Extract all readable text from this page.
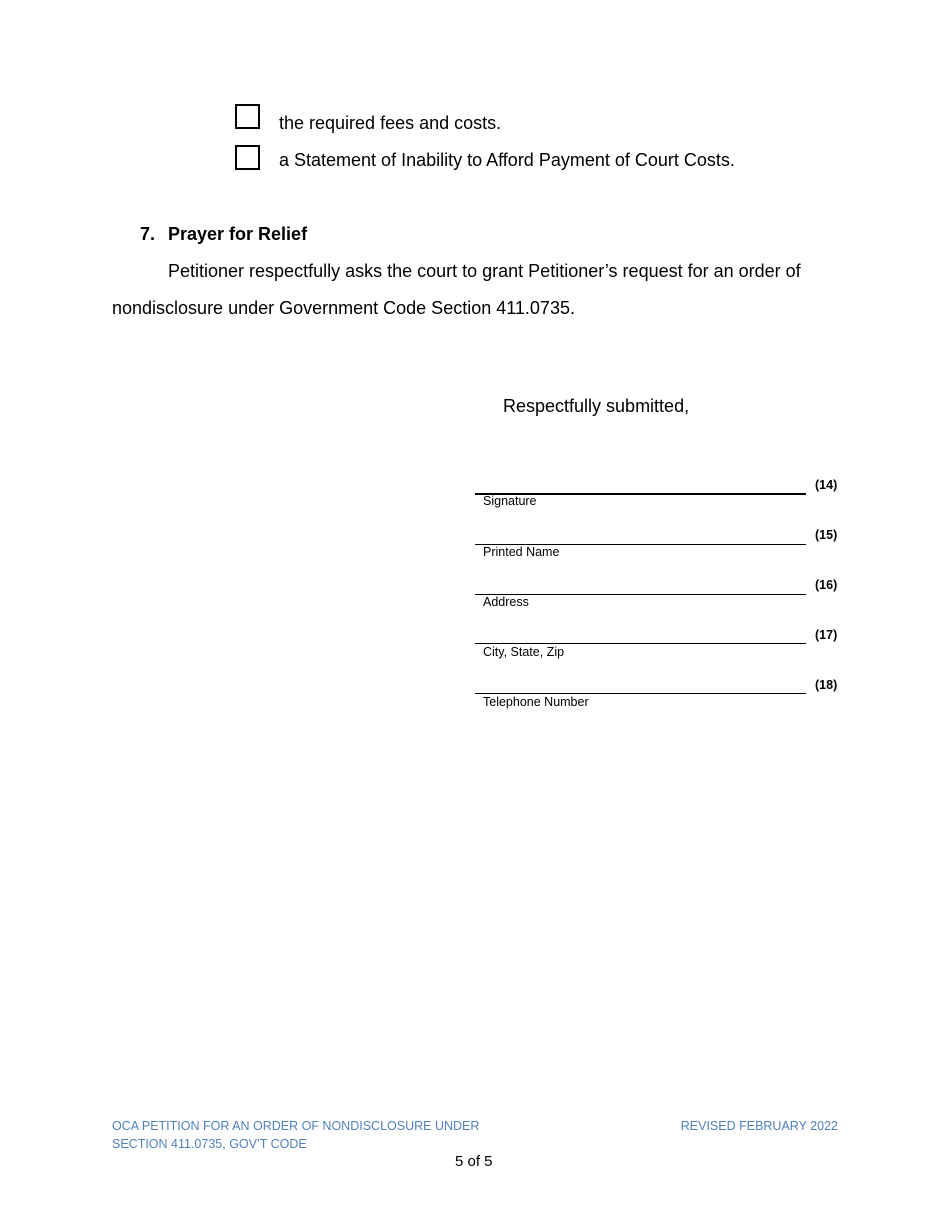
the required fees and costs.
a Statement of Inability to Afford Payment of Court Costs.
7. Prayer for Relief
Petitioner respectfully asks the court to grant Petitioner’s request for an order of
nondisclosure under Government Code Section 411.0735.
Respectfully submitted,
(14)
Signature
(15)
Printed Name
(16)
Address
(17)
City, State, Zip
(18)
Telephone Number
OCA PETITION FOR AN ORDER OF NONDISCLOSURE UNDER
SECTION 411.0735, GOV’T CODE
REVISED FEBRUARY 2022
5 of 5
